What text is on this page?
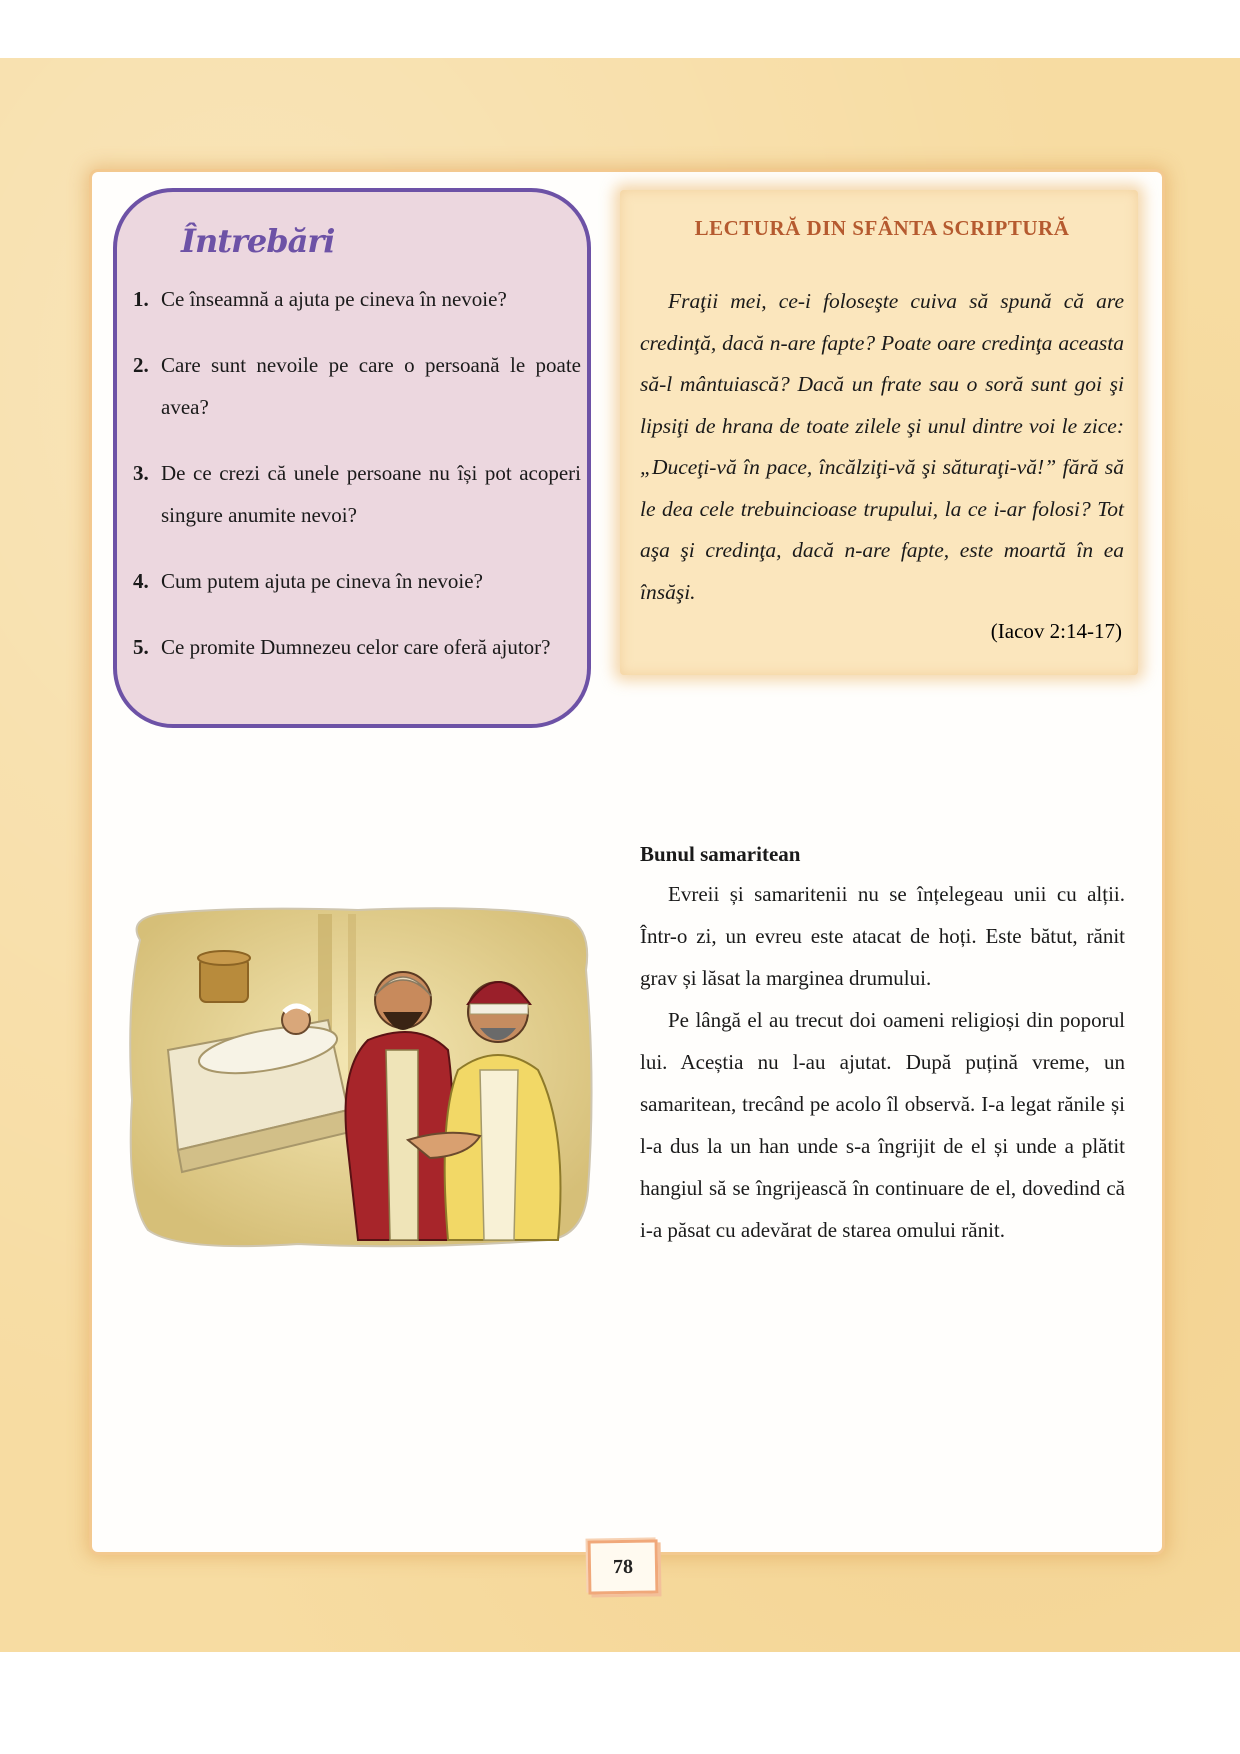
Întrebări
1. Ce înseamnă a ajuta pe cineva în nevoie?
2. Care sunt nevoile pe care o persoană le poate avea?
3. De ce crezi că unele persoane nu își pot acoperi singure anumite nevoi?
4. Cum putem ajuta pe cineva în nevoie?
5. Ce promite Dumnezeu celor care oferă ajutor?
LECTURĂ DIN SFÂNTA SCRIPTURĂ

Fraţii mei, ce-i foloseşte cuiva să spună că are credinţă, dacă n-are fapte? Poate oare credinţa aceasta să-l mântuiască? Dacă un frate sau o soră sunt goi şi lipsiţi de hrana de toate zilele şi unul dintre voi le zice: „Duceţi-vă în pace, încălziţi-vă şi săturaţi-vă!” fără să le dea cele trebuincioase trupului, la ce i-ar folosi? Tot aşa şi credinţa, dacă n-are fapte, este moartă în ea însăşi.

(Iacov 2:14-17)

Bunul samaritean

Evreii și samaritenii nu se înțelegeau unii cu alții. Într-o zi, un evreu este atacat de hoți. Este bătut, rănit grav și lăsat la marginea drumului.

Pe lângă el au trecut doi oameni religioși din poporul lui. Aceștia nu l-au ajutat. După puțină vreme, un samaritean, trecând pe acolo îl observă. I-a legat rănile și l-a dus la un han unde s-a îngrijit de el și unde a plătit hangiul să se îngrijească în continuare de el, dovedind că i-a păsat cu adevărat de starea omului rănit.

78
